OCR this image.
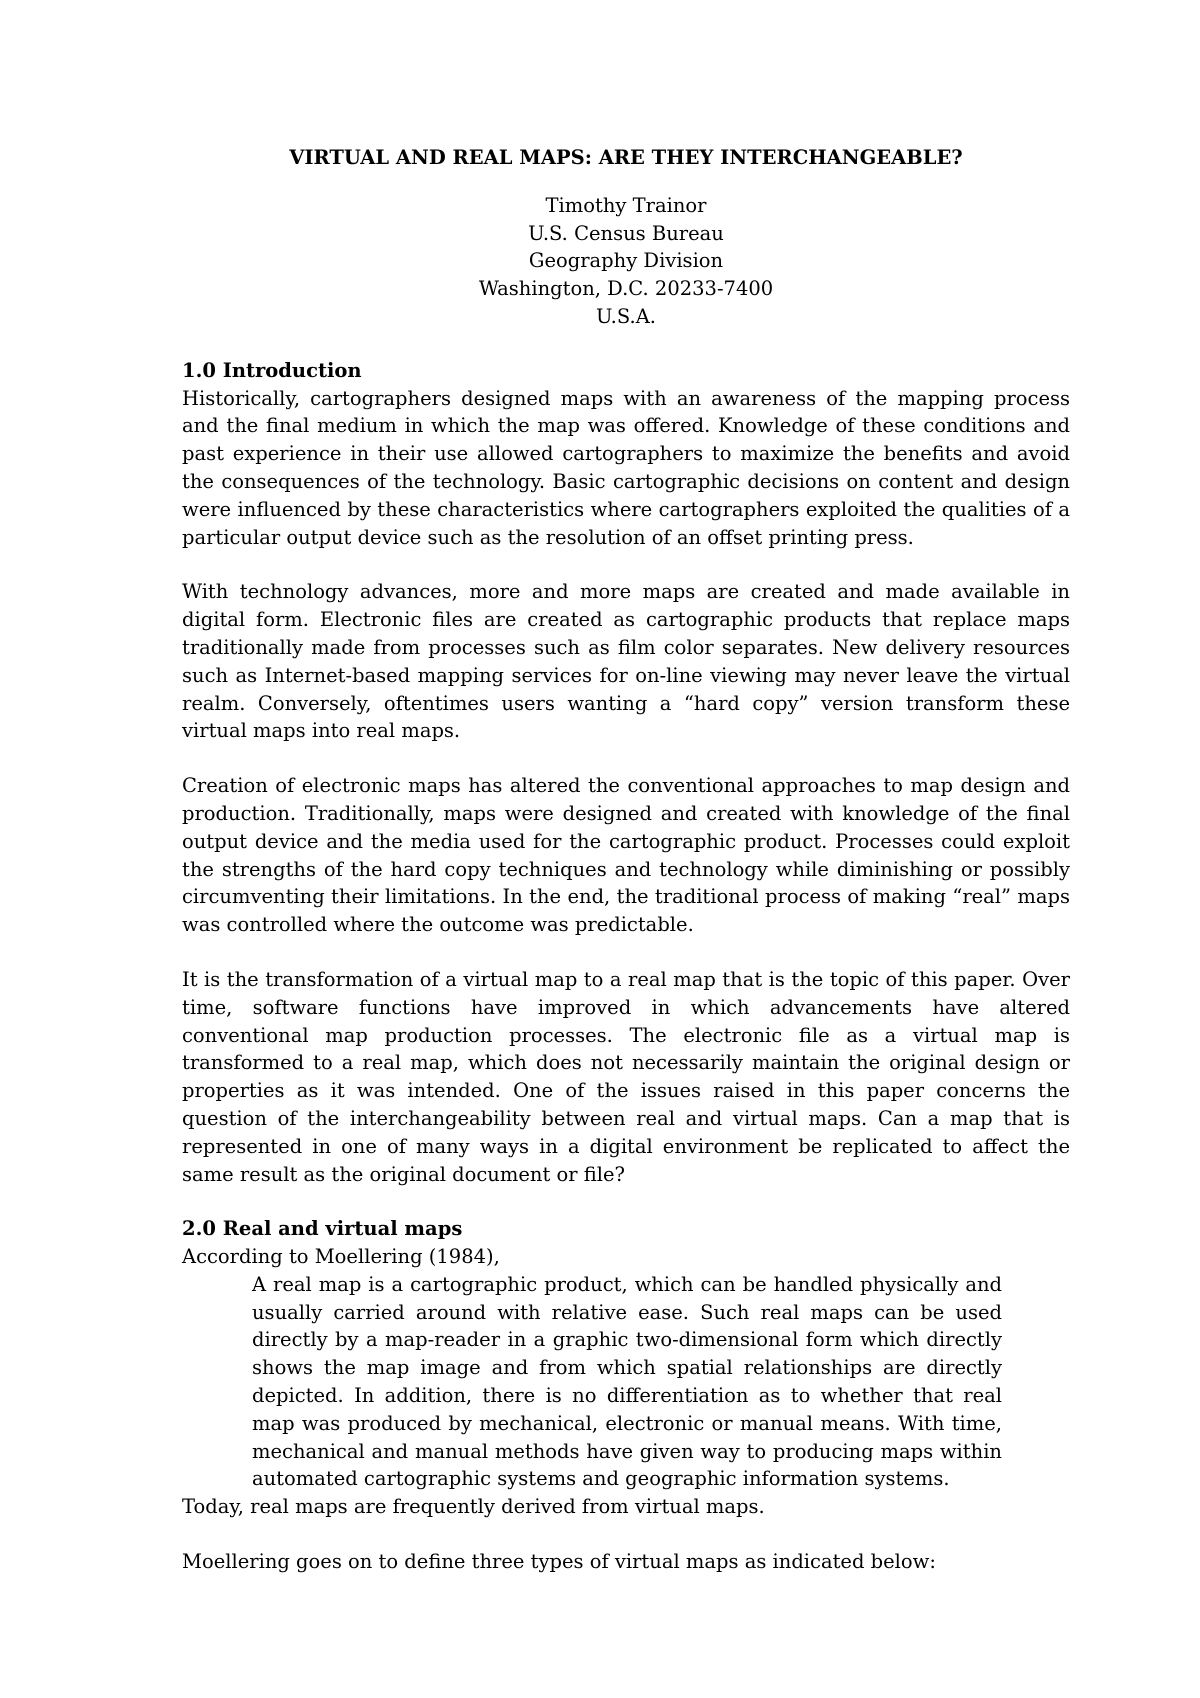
VIRTUAL AND REAL MAPS: ARE THEY INTERCHANGEABLE?
Timothy Trainor
U.S. Census Bureau
Geography Division
Washington, D.C. 20233-7400
U.S.A.
1.0 Introduction
Historically, cartographers designed maps with an awareness of the mapping process and the final medium in which the map was offered. Knowledge of these conditions and past experience in their use allowed cartographers to maximize the benefits and avoid the consequences of the technology. Basic cartographic decisions on content and design were influenced by these characteristics where cartographers exploited the qualities of a particular output device such as the resolution of an offset printing press.
With technology advances, more and more maps are created and made available in digital form. Electronic files are created as cartographic products that replace maps traditionally made from processes such as film color separates. New delivery resources such as Internet-based mapping services for on-line viewing may never leave the virtual realm. Conversely, oftentimes users wanting a “hard copy” version transform these virtual maps into real maps.
Creation of electronic maps has altered the conventional approaches to map design and production. Traditionally, maps were designed and created with knowledge of the final output device and the media used for the cartographic product. Processes could exploit the strengths of the hard copy techniques and technology while diminishing or possibly circumventing their limitations. In the end, the traditional process of making “real” maps was controlled where the outcome was predictable.
It is the transformation of a virtual map to a real map that is the topic of this paper. Over time, software functions have improved in which advancements have altered conventional map production processes. The electronic file as a virtual map is transformed to a real map, which does not necessarily maintain the original design or properties as it was intended. One of the issues raised in this paper concerns the question of the interchangeability between real and virtual maps. Can a map that is represented in one of many ways in a digital environment be replicated to affect the same result as the original document or file?
2.0 Real and virtual maps
According to Moellering (1984),
A real map is a cartographic product, which can be handled physically and usually carried around with relative ease. Such real maps can be used directly by a map-reader in a graphic two-dimensional form which directly shows the map image and from which spatial relationships are directly depicted. In addition, there is no differentiation as to whether that real map was produced by mechanical, electronic or manual means. With time, mechanical and manual methods have given way to producing maps within automated cartographic systems and geographic information systems.
Today, real maps are frequently derived from virtual maps.
Moellering goes on to define three types of virtual maps as indicated below:
